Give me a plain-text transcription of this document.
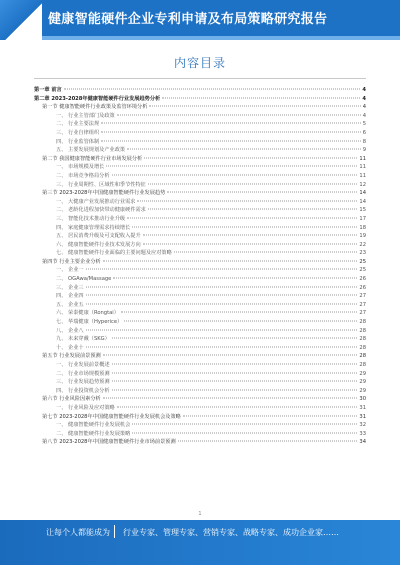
健康智能硬件企业专利申请及布局策略研究报告
内容目录
第一章 前言	4
第二章 2023-2028年健康智能硬件行业发展趋势分析	4
第一节 健康智能硬件行业政策及监管环境分析	4
一、 行业主管部门及政策	4
二、 行业主要法规	5
三、 行业自律组织	6
四、 行业监管体制	8
五、 主要发展规划及产业政策	9
第二节 我国健康智能硬件行业市场发展分析	11
一、 市场规模及增长	11
二、 市场竞争格局分析	11
三、 行业周期性、区域性和季节性特征	12
第三节 2023-2028年中国健康智能硬件行业发展趋势	14
一、 大健康产业发展推动行业需求	14
二、 老龄化进程加快带动健康硬件需求	15
三、 智能化技术推动行业升级	17
四、 家庭健康管理需求持续增长	18
五、 居民消费升级及可支配收入提升	19
六、 健康智能硬件行业技术发展方向	22
七、 健康智能硬件行业面临的主要问题及应对策略	23
第四节 行业主要企业分析	25
一、 企业一	25
二、 OGAwa/Massage	26
三、 企业三	26
四、 企业四	27
五、 企业五	27
六、 荣泰健康（Rongtai）	27
七、 华瑞健康（Hyperice）	28
八、 企业八	28
九、 未来穿戴（SKG）	28
十、 企业十	28
第五节 行业发展前景预测	28
一、 行业发展前景概述	28
二、 行业市场规模预测	29
三、 行业发展趋势预测	29
四、 行业投资机会分析	29
第六节 行业风险因素分析	30
一、 行业风险及应对策略	31
第七节 2023-2028年中国健康智能硬件行业发展机会及策略	31
一、 健康智能硬件行业发展机会	32
二、 健康智能硬件行业发展策略	33
第八节 2023-2028年中国健康智能硬件行业市场前景预测	34
1
让每个人都能成为 行业专家、管理专家、营销专家、战略专家、成功企业家……
